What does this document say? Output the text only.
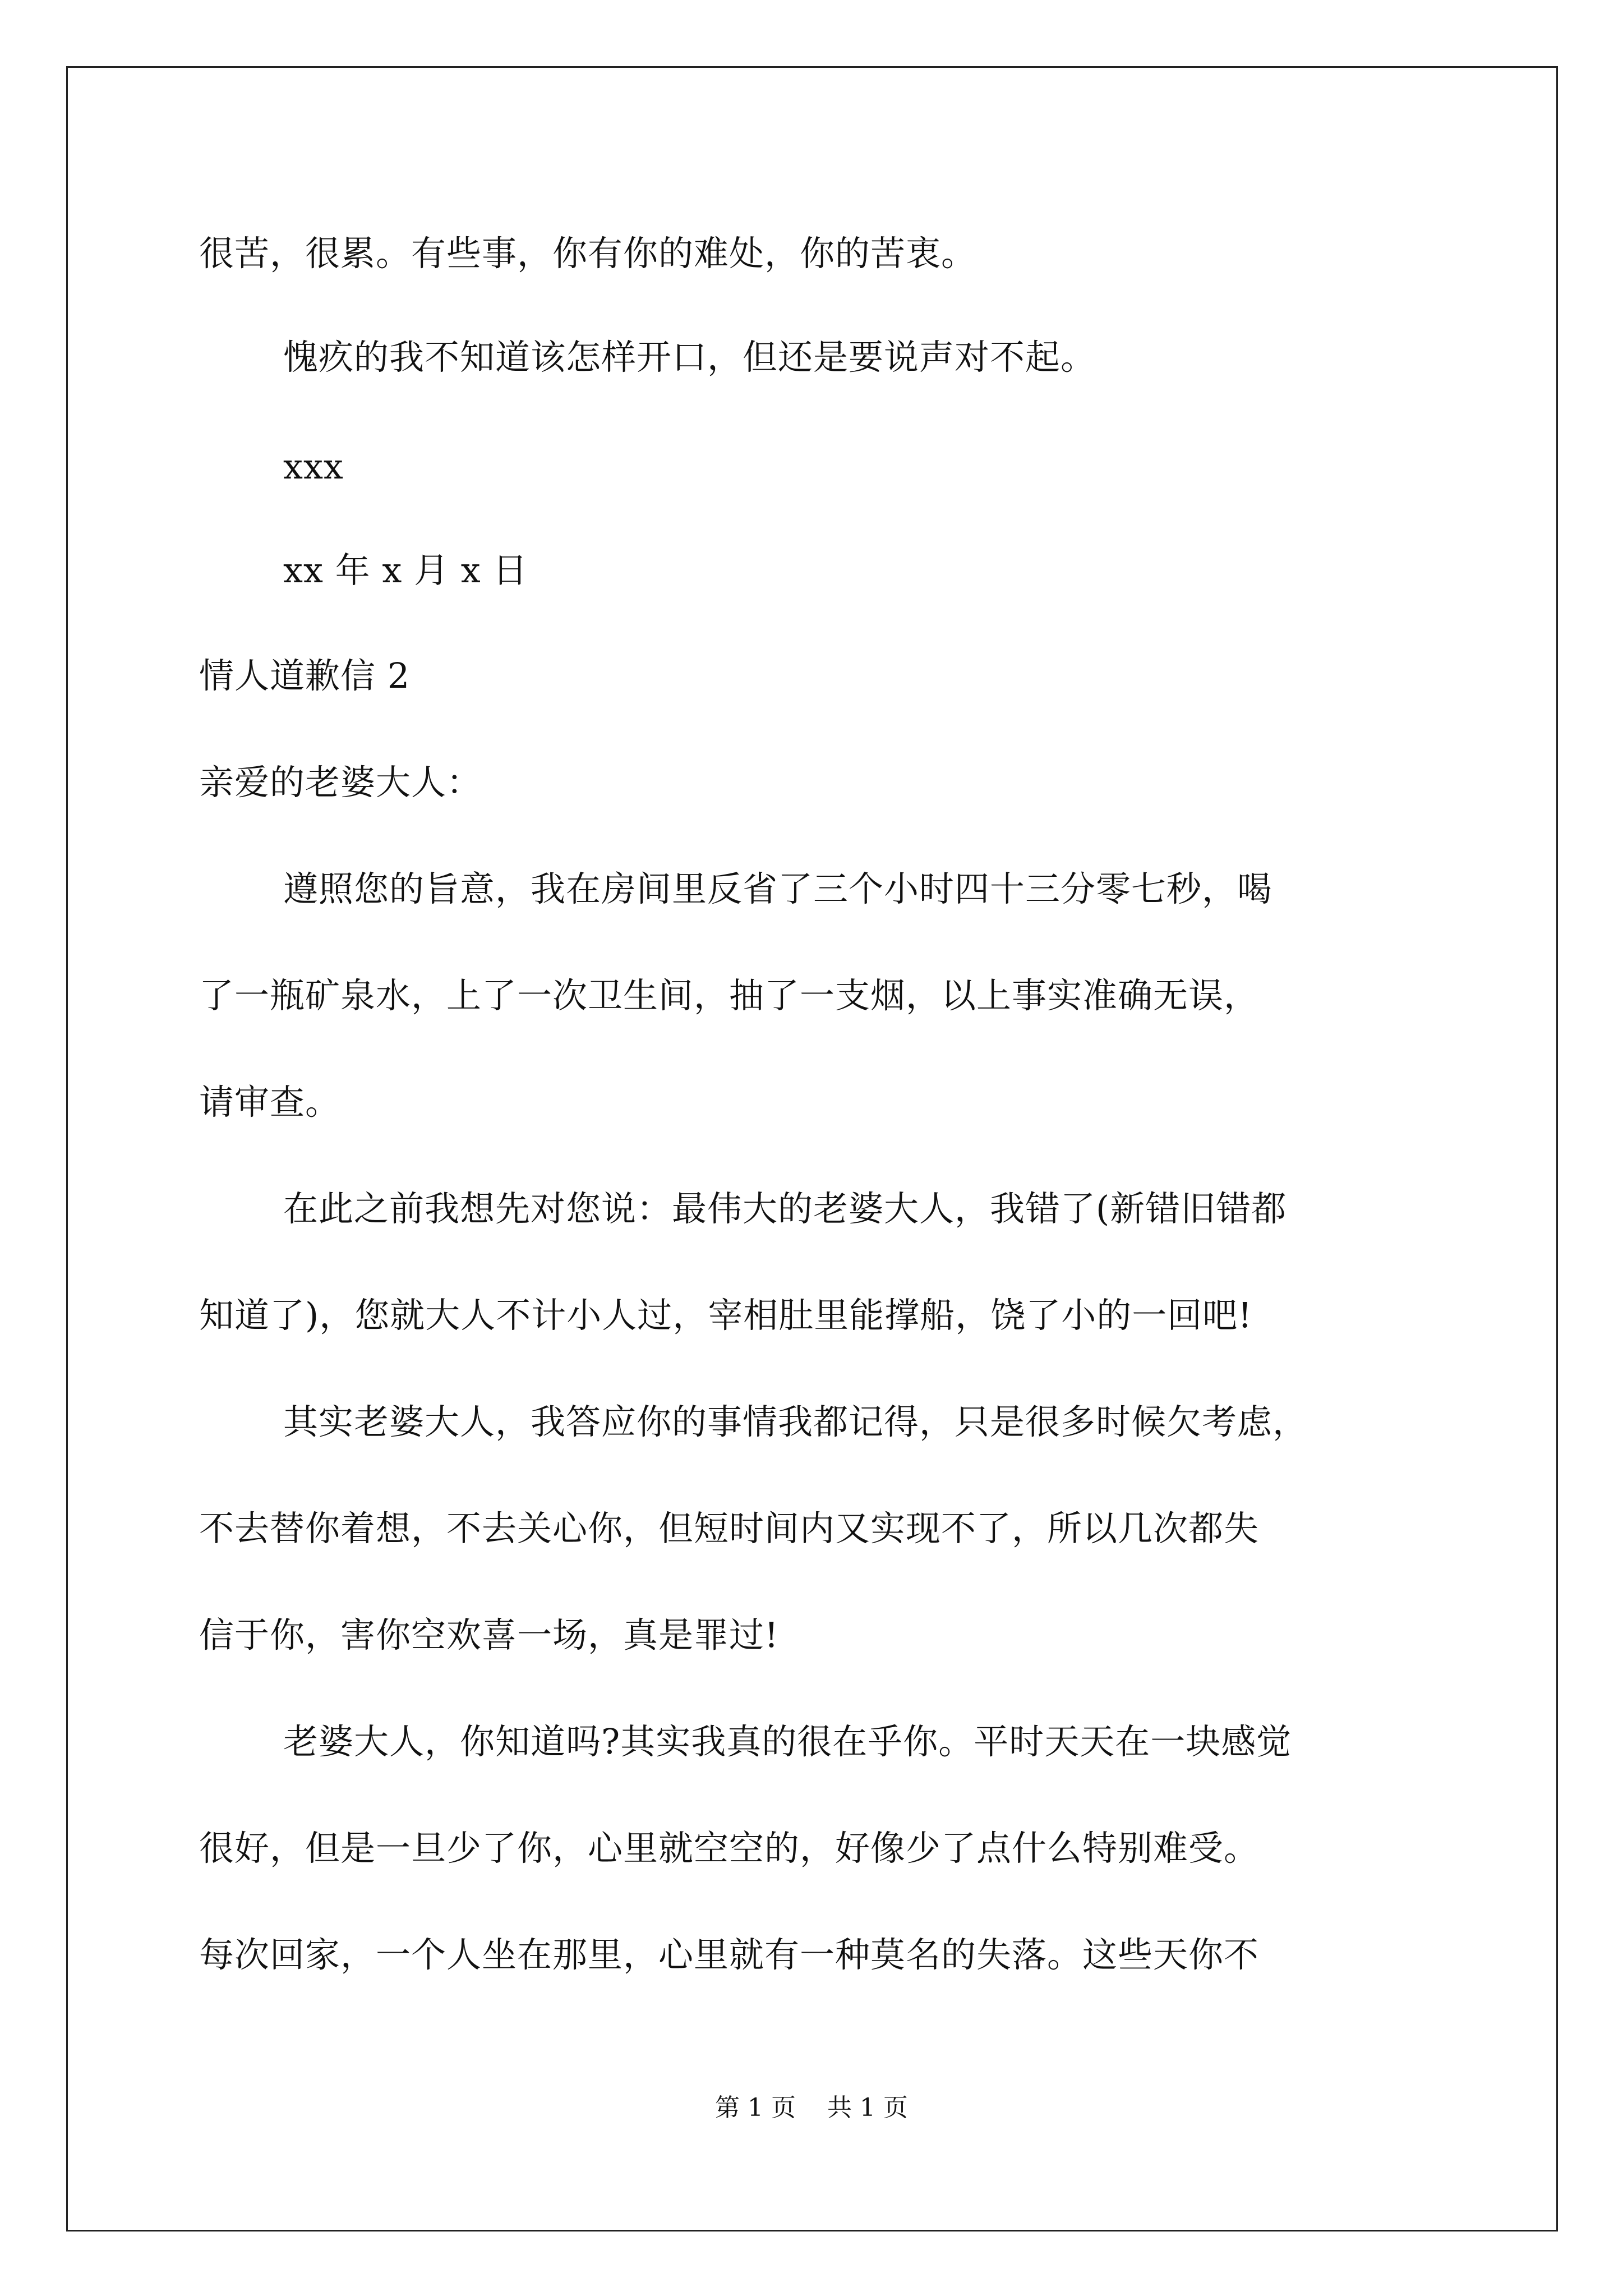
很苦，很累。有些事，你有你的难处，你的苦衷。
愧疚的我不知道该怎样开口，但还是要说声对不起。
xxx
xx 年 x 月 x 日
情人道歉信 2
亲爱的老婆大人：
遵照您的旨意，我在房间里反省了三个小时四十三分零七秒，喝
了一瓶矿泉水，上了一次卫生间，抽了一支烟，以上事实准确无误，
请审查。
在此之前我想先对您说：最伟大的老婆大人，我错了(新错旧错都
知道了)，您就大人不计小人过，宰相肚里能撑船，饶了小的一回吧!
其实老婆大人，我答应你的事情我都记得，只是很多时候欠考虑，
不去替你着想，不去关心你，但短时间内又实现不了，所以几次都失
信于你，害你空欢喜一场，真是罪过!
老婆大人，你知道吗?其实我真的很在乎你。平时天天在一块感觉
很好，但是一旦少了你，心里就空空的，好像少了点什么特别难受。
每次回家，一个人坐在那里，心里就有一种莫名的失落。这些天你不
第 1 页    共 1 页
